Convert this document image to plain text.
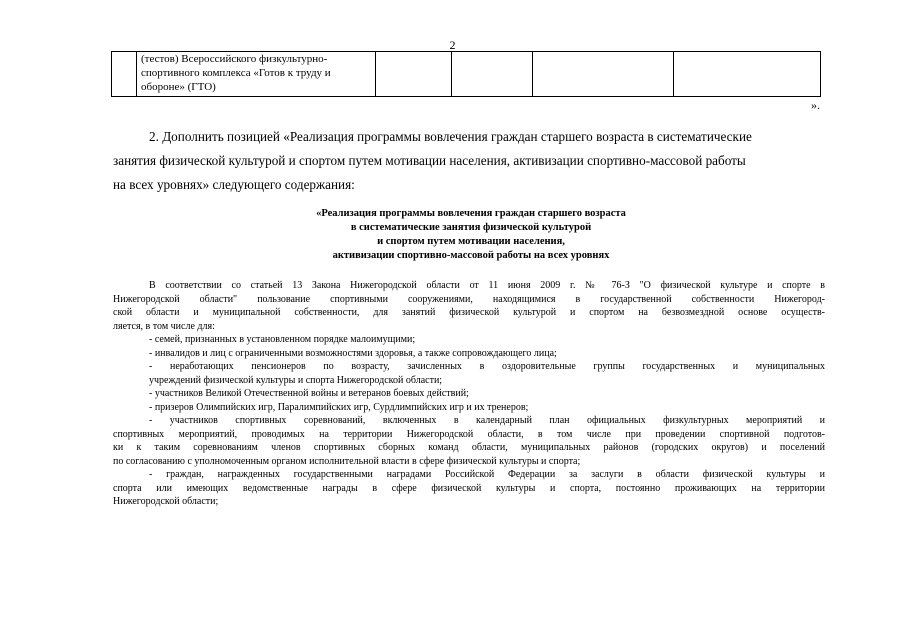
2

(тестов) Всероссийского физкультурно-
спортивного комплекса «Готов к труду и
обороне» (ГТО)

».
2. Дополнить позицией «Реализация программы вовлечения граждан старшего возраста в систематические
занятия физической культурой и спортом путем мотивации населения, активизации спортивно-массовой работы
на всех уровнях» следующего содержания:
«Реализация программы вовлечения граждан старшего возраста
в систематические занятия физической культурой
и спортом путем мотивации населения,
активизации спортивно-массовой работы на всех уровнях
В соответствии со статьей 13 Закона Нижегородской области от 11 июня 2009 г. № 76-З "О физической культуре и спорте в
Нижегородской области" пользование спортивными сооружениями, находящимися в государственной собственности Нижегород-
ской области и муниципальной собственности, для занятий физической культурой и спортом на безвозмездной основе осуществ-
ляется, в том числе для:
- семей, признанных в установленном порядке малоимущими;
- инвалидов и лиц с ограниченными возможностями здоровья, а также сопровождающего лица;
- неработающих пенсионеров по возрасту, зачисленных в оздоровительные группы государственных и муниципальных
учреждений физической культуры и спорта Нижегородской области;
- участников Великой Отечественной войны и ветеранов боевых действий;
- призеров Олимпийских игр, Паралимпийских игр, Сурдлимпийских игр и их тренеров;
- участников спортивных соревнований, включенных в календарный план официальных физкультурных мероприятий и
спортивных мероприятий, проводимых на территории Нижегородской области, в том числе при проведении спортивной подготов-
ки к таким соревнованиям членов спортивных сборных команд области, муниципальных районов (городских округов) и поселений
по согласованию с уполномоченным органом исполнительной власти в сфере физической культуры и спорта;
- граждан, награжденных государственными наградами Российской Федерации за заслуги в области физической культуры и
спорта или имеющих ведомственные награды в сфере физической культуры и спорта, постоянно проживающих на территории
Нижегородской области;
